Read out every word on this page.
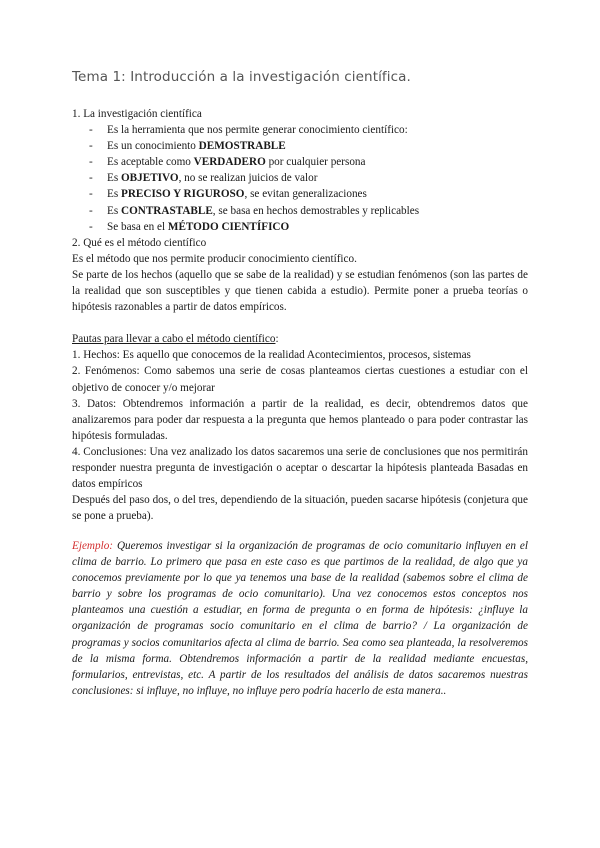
Tema 1: Introducción a la investigación científica.

1. La investigación científica

- Es la herramienta que nos permite generar conocimiento científico:
- Es un conocimiento DEMOSTRABLE
- Es aceptable como VERDADERO por cualquier persona
- Es OBJETIVO, no se realizan juicios de valor
- Es PRECISO Y RIGUROSO, se evitan generalizaciones
- Es CONTRASTABLE, se basa en hechos demostrables y replicables
- Se basa en el MÉTODO CIENTÍFICO

2. Qué es el método científico

Es el método que nos permite producir conocimiento científico.

Se parte de los hechos (aquello que se sabe de la realidad) y se estudian fenómenos (son las partes de la realidad que son susceptibles y que tienen cabida a estudio). Permite poner a prueba teorías o hipótesis razonables a partir de datos empíricos.

Pautas para llevar a cabo el método científico:

1. Hechos: Es aquello que conocemos de la realidad Acontecimientos, procesos, sistemas

2. Fenómenos: Como sabemos una serie de cosas planteamos ciertas cuestiones a estudiar con el objetivo de conocer y/o mejorar

3. Datos: Obtendremos información a partir de la realidad, es decir, obtendremos datos que analizaremos para poder dar respuesta a la pregunta que hemos planteado o para poder contrastar las hipótesis formuladas.

4. Conclusiones: Una vez analizado los datos sacaremos una serie de conclusiones que nos permitirán responder nuestra pregunta de investigación o aceptar o descartar la hipótesis planteada Basadas en datos empíricos

Después del paso dos, o del tres, dependiendo de la situación, pueden sacarse hipótesis (conjetura que se pone a prueba).

Ejemplo: Queremos investigar si la organización de programas de ocio comunitario influyen en el clima de barrio. Lo primero que pasa en este caso es que partimos de la realidad, de algo que ya conocemos previamente por lo que ya tenemos una base de la realidad (sabemos sobre el clima de barrio y sobre los programas de ocio comunitario). Una vez conocemos estos conceptos nos planteamos una cuestión a estudiar, en forma de pregunta o en forma de hipótesis: ¿influye la organización de programas socio comunitario en el clima de barrio? / La organización de programas y socios comunitarios afecta al clima de barrio. Sea como sea planteada, la resolveremos de la misma forma. Obtendremos información a partir de la realidad mediante encuestas, formularios, entrevistas, etc. A partir de los resultados del análisis de datos sacaremos nuestras conclusiones: si influye, no influye, no influye pero podría hacerlo de esta manera..
